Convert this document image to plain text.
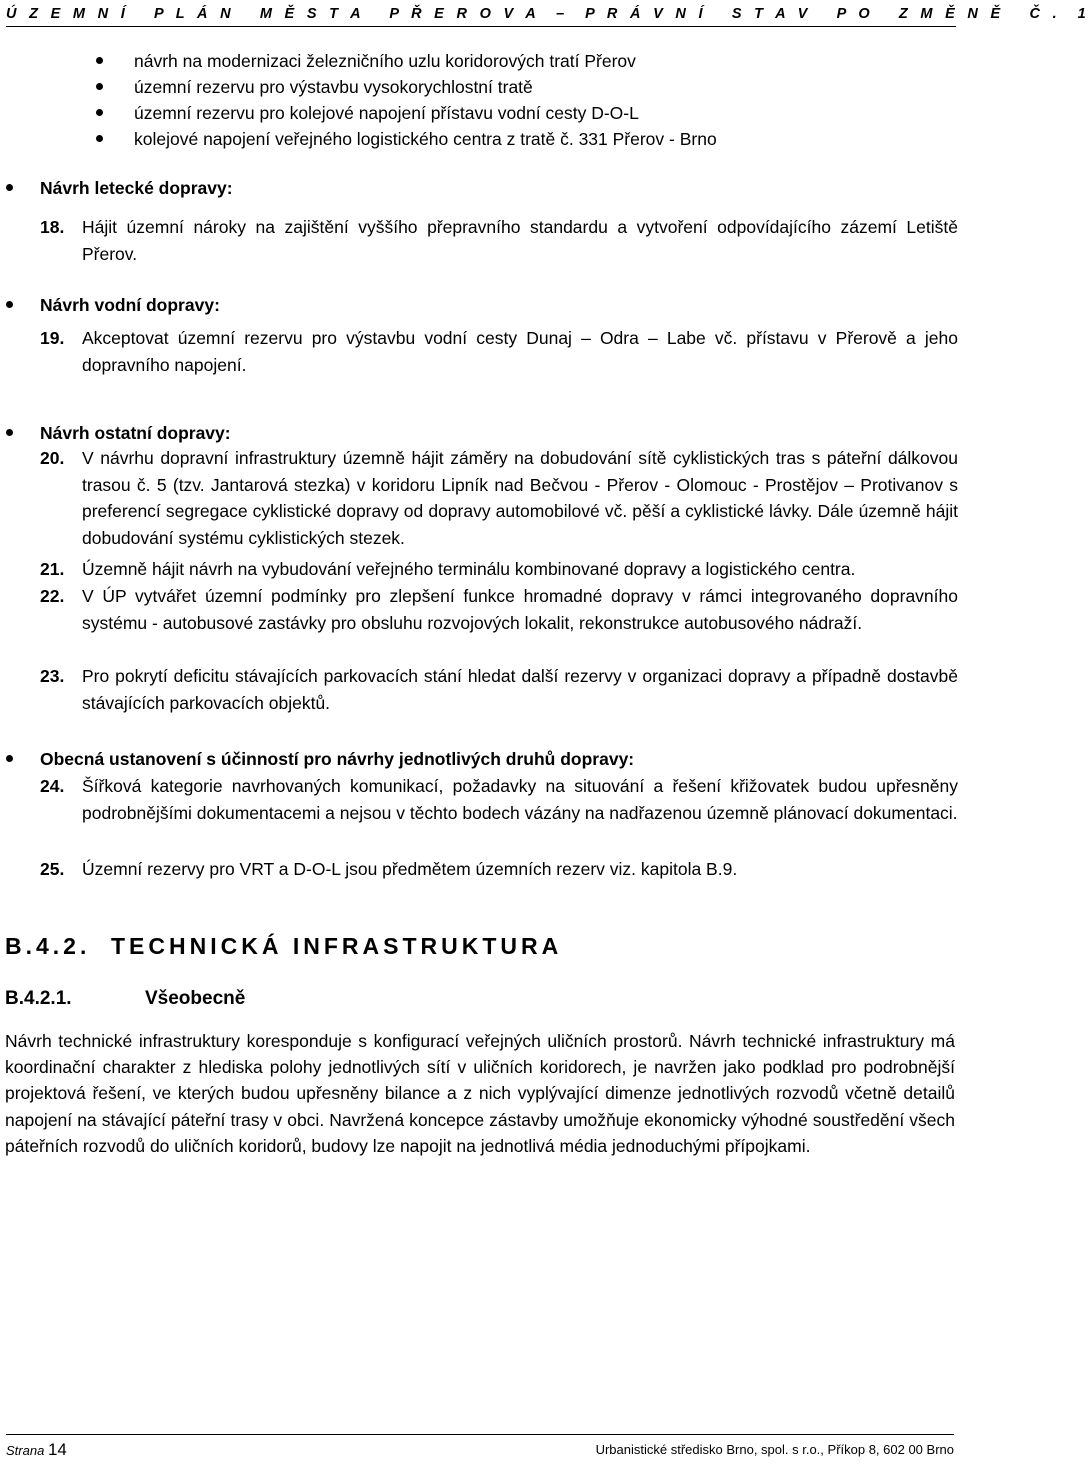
Ú Z E M N Í   P L Á N   M Ě S T A   P Ř E R O V A  –  P R Á V N Í   S T A V   P O   Z M Ě N Ě   Č .  1
návrh na modernizaci železničního uzlu koridorových tratí Přerov
územní rezervu pro výstavbu vysokorychlostní tratě
územní rezervu pro kolejové napojení přístavu vodní cesty D-O-L
kolejové napojení veřejného logistického centra z tratě č. 331 Přerov - Brno
Návrh letecké dopravy:
18. Hájit územní nároky na zajištění vyššího přepravního standardu a vytvoření odpovídajícího zázemí Letiště Přerov.
Návrh vodní dopravy:
19. Akceptovat územní rezervu pro výstavbu vodní cesty Dunaj – Odra – Labe vč. přístavu v Přerově a jeho dopravního napojení.
Návrh ostatní dopravy:
20. V návrhu dopravní infrastruktury územně hájit záměry na dobudování sítě cyklistických tras s páteřní dálkovou trasou č. 5 (tzv. Jantarová stezka) v koridoru Lipník nad Bečvou - Přerov - Olomouc - Prostějov – Protivanov s preferencí segregace cyklistické dopravy od dopravy automobilové vč. pěší a cyklistické lávky. Dále územně hájit dobudování systému cyklistických stezek.
21. Územně hájit návrh na vybudování veřejného terminálu kombinované dopravy a logistického centra.
22. V ÚP vytvářet územní podmínky pro zlepšení funkce hromadné dopravy v rámci integrovaného dopravního systému - autobusové zastávky pro obsluhu rozvojových lokalit, rekonstrukce autobusového nádraží.
23. Pro pokrytí deficitu stávajících parkovacích stání hledat další rezervy v organizaci dopravy a případně dostavbě stávajících parkovacích objektů.
Obecná ustanovení s účinností pro návrhy jednotlivých druhů dopravy:
24. Šířková kategorie navrhovaných komunikací, požadavky na situování a řešení křižovatek budou upřesněny podrobnějšími dokumentacemi a nejsou v těchto bodech vázány na nadřazenou územně plánovací dokumentaci.
25. Územní rezervy pro VRT a D-O-L jsou předmětem územních rezerv viz. kapitola B.9.
B.4.2. TECHNICKÁ INFRASTRUKTURA
B.4.2.1.	Všeobecně
Návrh technické infrastruktury koresponduje s konfigurací veřejných uličních prostorů. Návrh technické infrastruktury má koordinační charakter z hlediska polohy jednotlivých sítí v uličních koridorech, je navržen jako podklad pro podrobnější projektová řešení, ve kterých budou upřesněny bilance a z nich vyplývající dimenze jednotlivých rozvodů včetně detailů napojení na stávající páteřní trasy v obci. Navržená koncepce zástavby umožňuje ekonomicky výhodné soustředění všech páteřních rozvodů do uličních koridorů, budovy lze napojit na jednotlivá média jednoduchými přípojkami.
Strana 14	Urbanistické středisko Brno, spol. s r.o., Příkop 8, 602 00 Brno
